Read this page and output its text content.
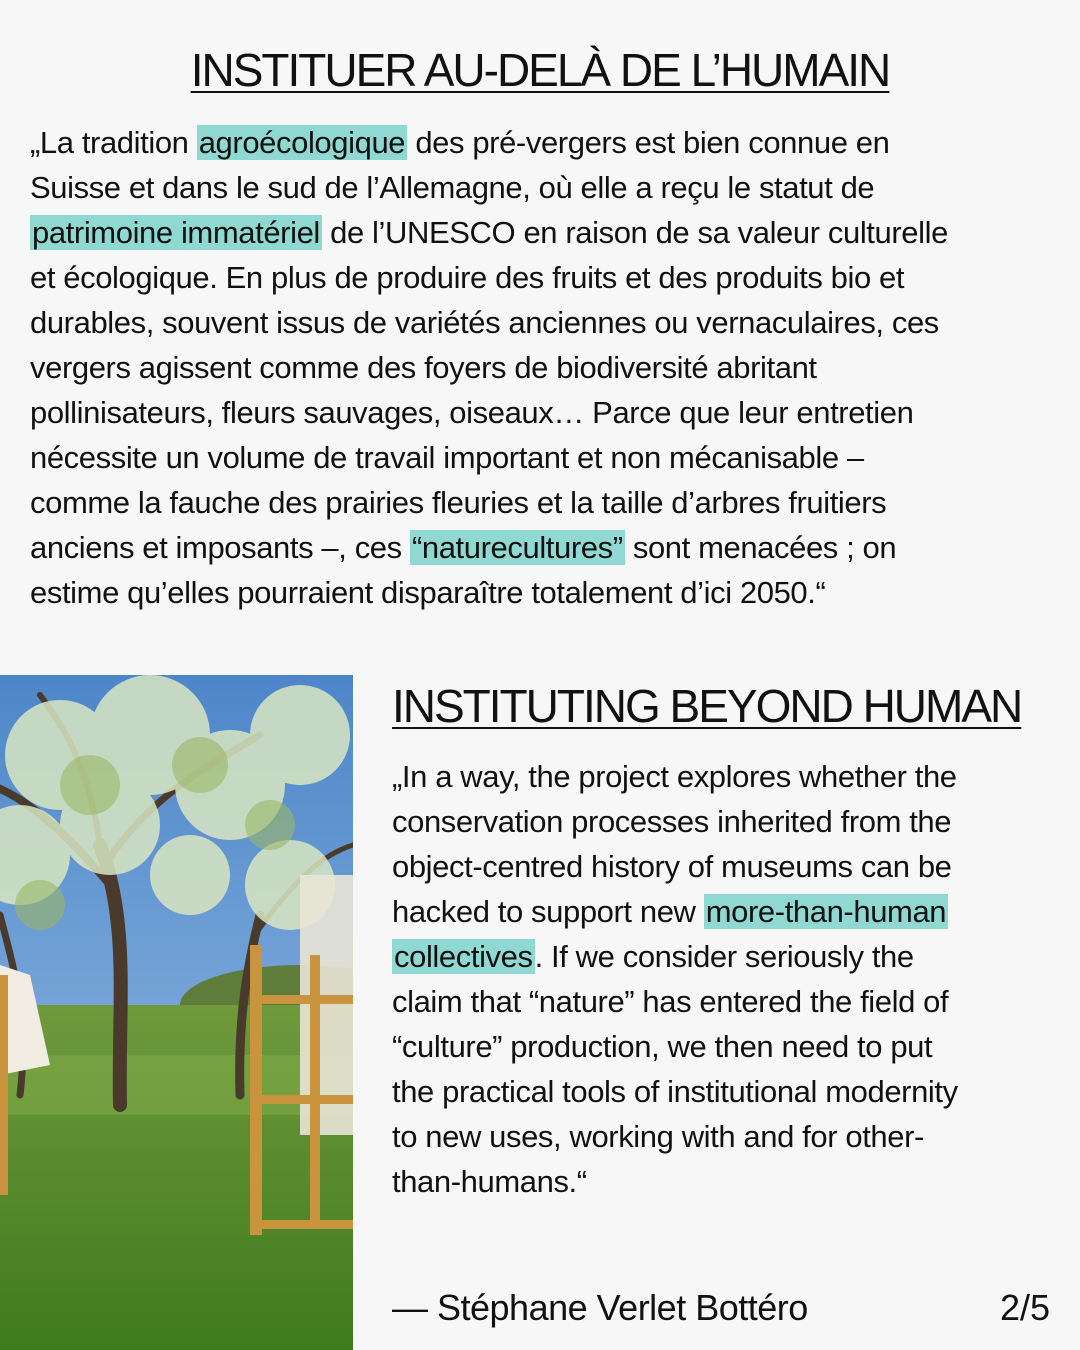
INSTITUER AU-DELÀ DE L’HUMAIN

„La tradition agroécologique des pré-vergers est bien connue en
Suisse et dans le sud de l’Allemagne, où elle a reçu le statut de
patrimoine immatériel de l’UNESCO en raison de sa valeur culturelle
et écologique. En plus de produire des fruits et des produits bio et
durables, souvent issus de variétés anciennes ou vernaculaires, ces
vergers agissent comme des foyers de biodiversité abritant
pollinisateurs, fleurs sauvages, oiseaux… Parce que leur entretien
nécessite un volume de travail important et non mécanisable –
comme la fauche des prairies fleuries et la taille d’arbres fruitiers
anciens et imposants –, ces “naturecultures” sont menacées ; on
estime qu’elles pourraient disparaître totalement d’ici 2050.“

INSTITUTING BEYOND HUMAN

„In a way, the project explores whether the
conservation processes inherited from the
object-centred history of museums can be
hacked to support new more-than-human
collectives. If we consider seriously the
claim that “nature” has entered the field of
“culture” production, we then need to put
the practical tools of institutional modernity
to new uses, working with and for other-
than-humans.“

— Stéphane Verlet Bottéro	2/5
